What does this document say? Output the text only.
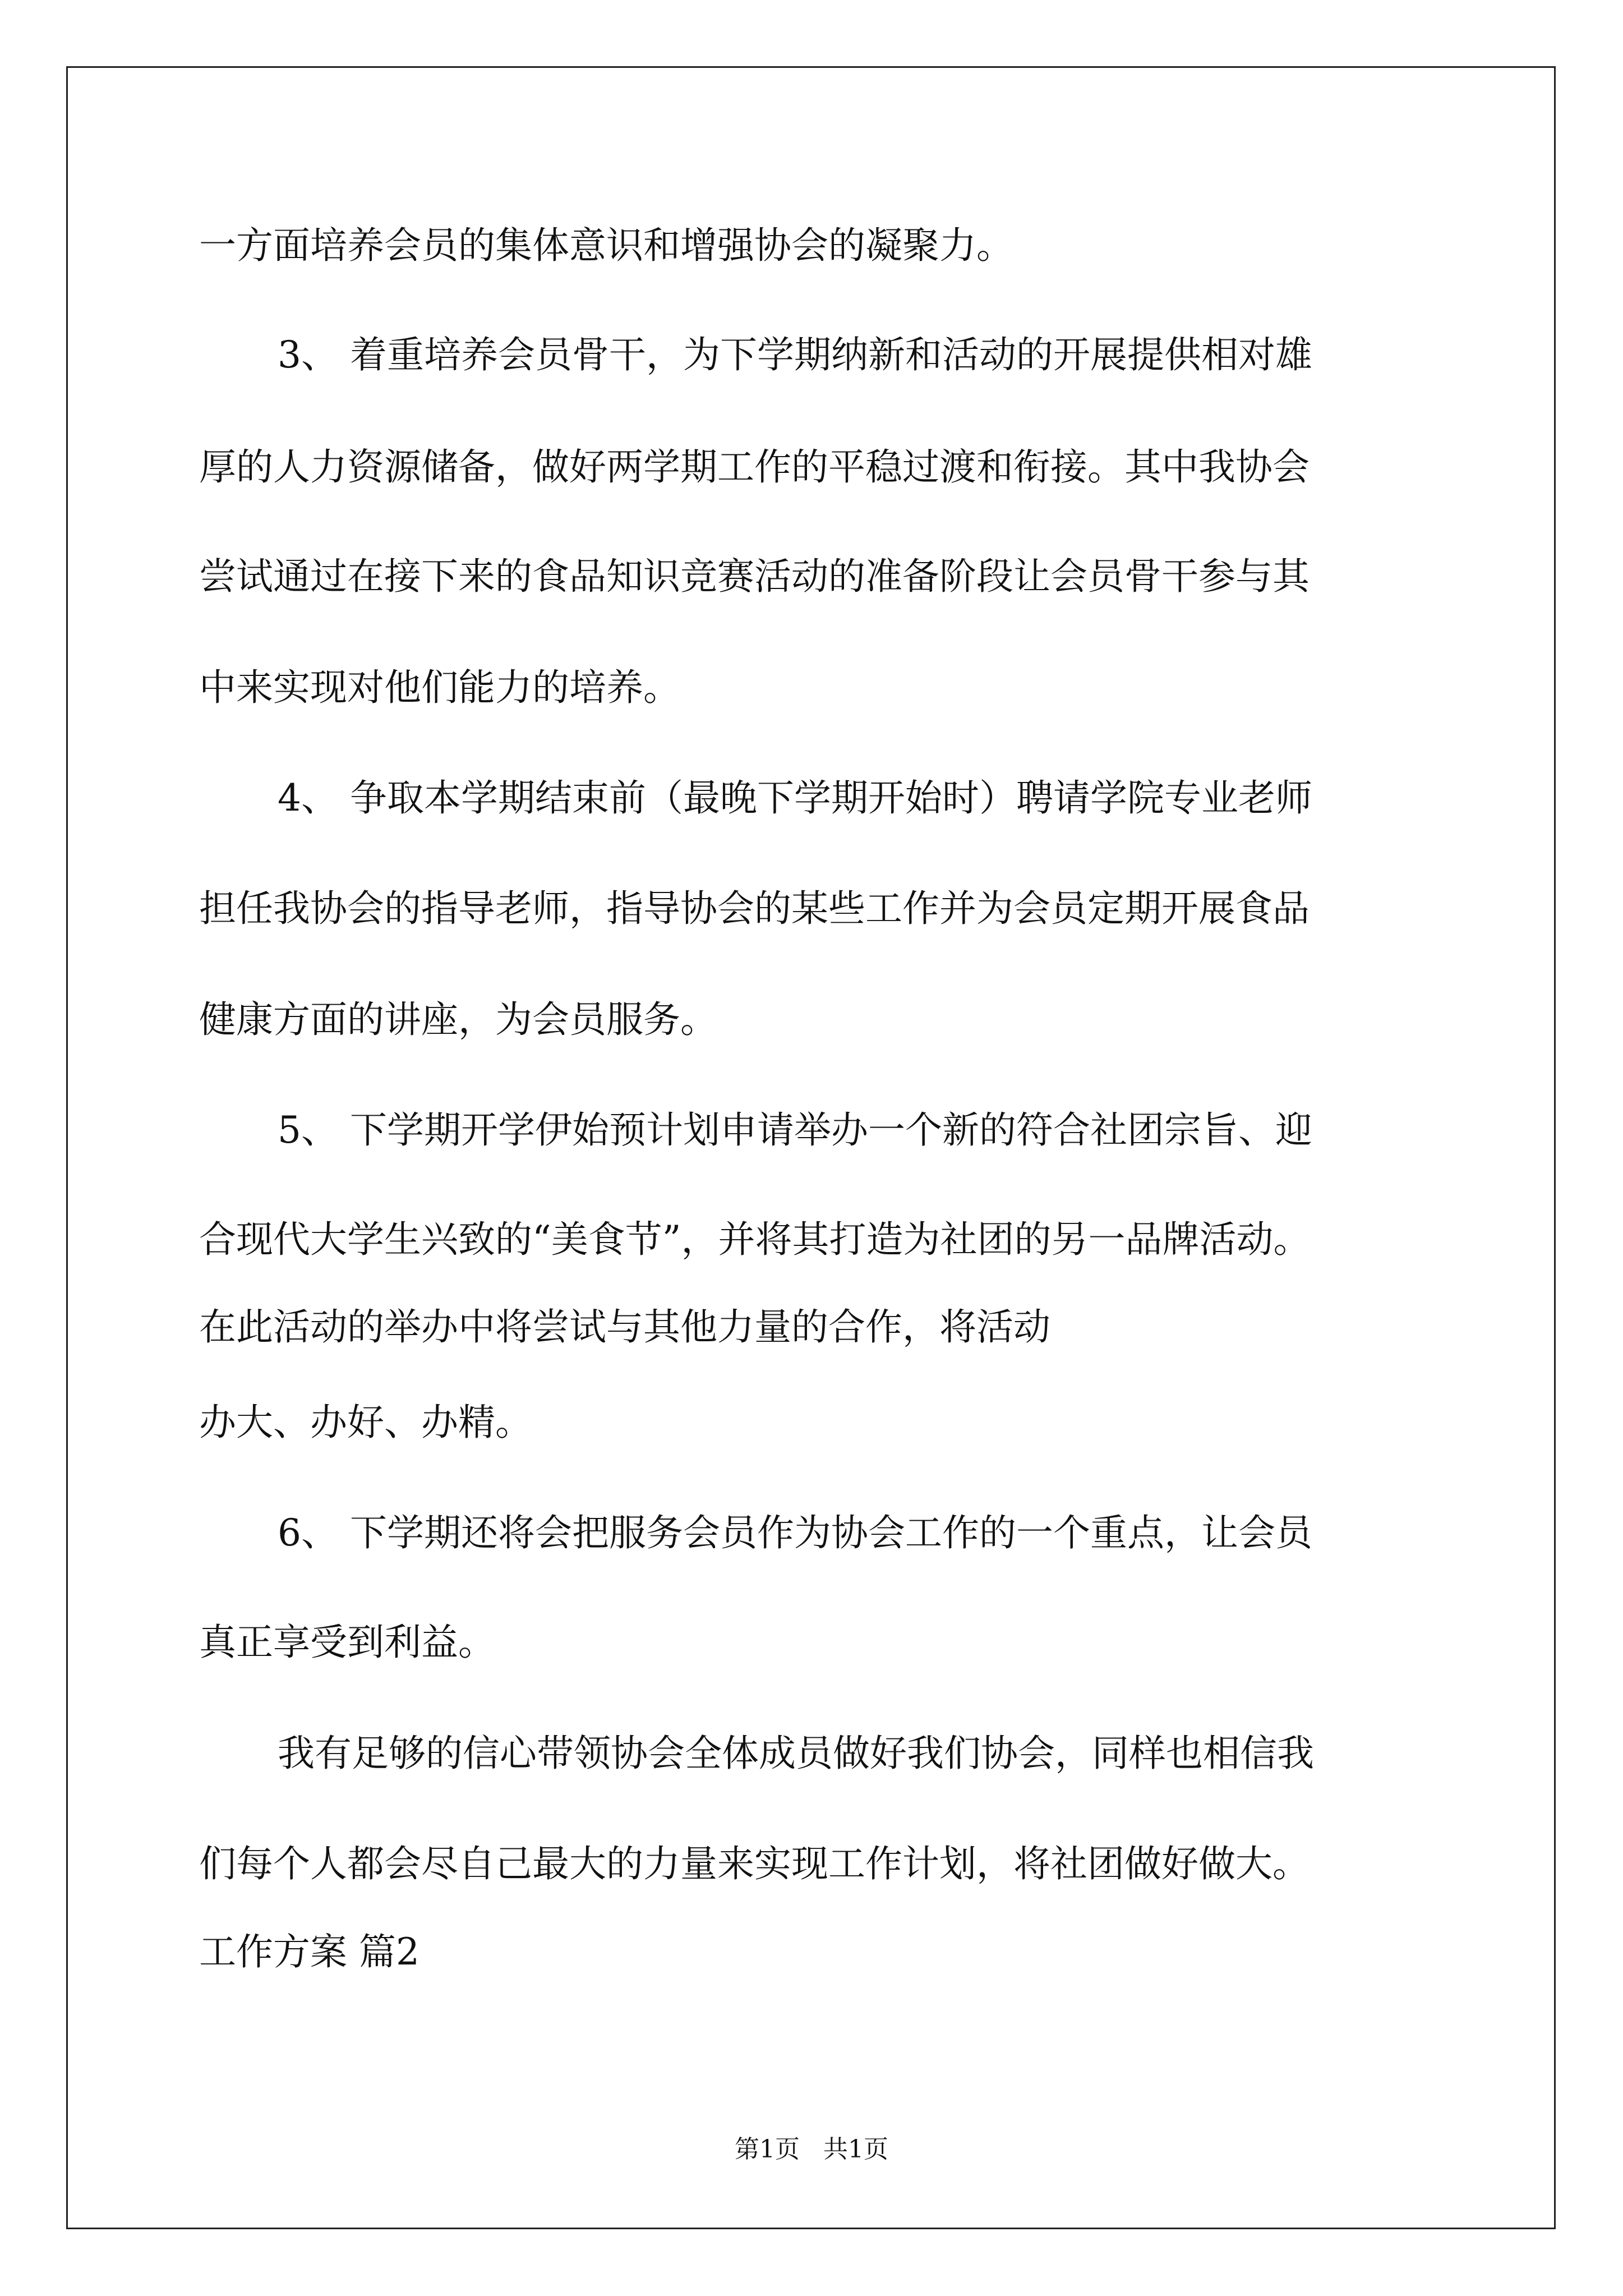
一方面培养会员的集体意识和增强协会的凝聚力。
3、 着重培养会员骨干，为下学期纳新和活动的开展提供相对雄
厚的人力资源储备，做好两学期工作的平稳过渡和衔接。其中我协会
尝试通过在接下来的食品知识竞赛活动的准备阶段让会员骨干参与其
中来实现对他们能力的培养。
4、 争取本学期结束前（最晚下学期开始时）聘请学院专业老师
担任我协会的指导老师，指导协会的某些工作并为会员定期开展食品
健康方面的讲座，为会员服务。
5、 下学期开学伊始预计划申请举办一个新的符合社团宗旨、迎
合现代大学生兴致的“美食节”，并将其打造为社团的另一品牌活动。
在此活动的举办中将尝试与其他力量的合作，将活动
办大、办好、办精。
6、 下学期还将会把服务会员作为协会工作的一个重点，让会员
真正享受到利益。
我有足够的信心带领协会全体成员做好我们协会，同样也相信我
们每个人都会尽自己最大的力量来实现工作计划，将社团做好做大。
工作方案 篇2
第1页 共1页
